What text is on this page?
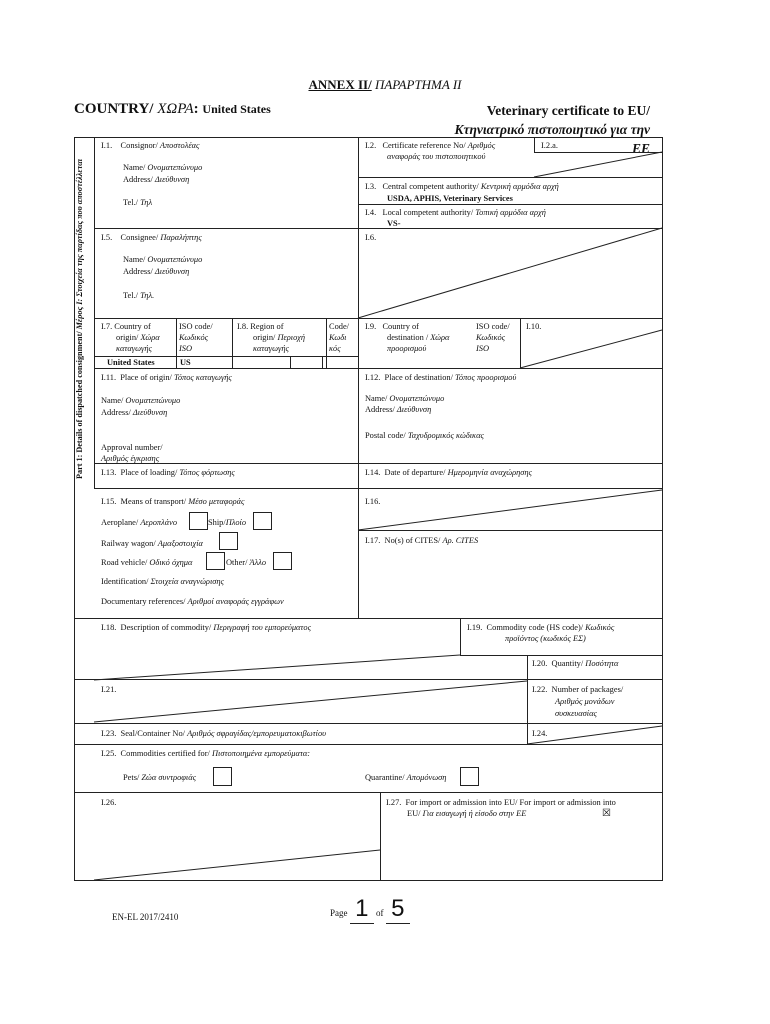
ANNEX II/ ΠΑΡΑΡΤΗΜΑ ΙΙ
COUNTRY/ ΧΩΡΑ: United States	Veterinary certificate to EU/
Κτηνιατρικό πιστοποιητικό για την ΕΕ
Part 1: Details of dispatched consignment/ Μέρος I: Στοιχεία της παρτίδας που αποστέλλεται
I.1. Consignor/ Αποστολέας
Name/ Ονοματεπώνυμο
Address/ Διεύθυνση
Tel./ Τηλ
I.2. Certificate reference No/ Αριθμός
αναφοράς του πιστοποιητικού
I.2.a.
I.3. Central competent authority/ Κεντρική αρμόδια αρχή
USDA, APHIS, Veterinary Services
I.4. Local competent authority/ Τοπική αρμόδια αρχή
VS-
I.5. Consignee/ Παραλήπτης
Name/ Ονοματεπώνυμο
Address/ Διεύθυνση
Tel./ Τηλ.
I.6.
I.7. Country of
origin/ Χώρα
καταγωγής
ISO code/
Κωδικός
ISO
United States	US
I.8. Region of
origin/ Περιοχή
καταγωγής
Code/
Κωδι
κός
I.9. Country of
destination / Χώρα
προορισμού
ISO code/
Κωδικός
ISO
I.10.
I.11. Place of origin/ Τόπος καταγωγής
Name/ Ονοματεπώνυμο
Address/ Διεύθυνση
Approval number/
Αριθμός έγκρισης
I.12. Place of destination/ Τόπος προορισμού
Name/ Ονοματεπώνυμο
Address/ Διεύθυνση
Postal code/ Ταχυδρομικός κώδικας
I.13. Place of loading/ Τόπος φόρτωσης	I.14. Date of departure/ Ημερομηνία αναχώρησης
I.15. Means of transport/ Μέσο μεταφοράς
Aeroplane/ Αεροπλάνο	Ship/Πλοίο
Railway wagon/ Αμαξοστοιχία
Road vehicle/ Οδικό όχημα	Other/ Άλλο
Identification/ Στοιχεία αναγνώρισης
Documentary references/ Αριθμοί αναφοράς εγγράφων
I.16.
I.17. No(s) of CITES/ Αρ. CITES
I.18. Description of commodity/ Περιγραφή του εμπορεύματος	I.19. Commodity code (HS code)/ Κωδικός
προϊόντος (κωδικός ΕΣ)
I.20. Quantity/ Ποσότητα
I.21.	I.22. Number of packages/
Αριθμός μονάδων
συσκευασίας
I.23. Seal/Container No/ Αριθμός σφραγίδας/εμπορευματοκιβωτίου	I.24.
I.25. Commodities certified for/ Πιστοποιημένα εμπορεύματα:
Pets/ Ζώα συντροφιάς	Quarantine/ Απομόνωση
I.26.	I.27. For import or admission into EU/ For import or admission into
EU/ Για εισαγωγή ή είσοδο στην ΕΕ	☒
EN-EL 2017/2410	Page 1 of 5
